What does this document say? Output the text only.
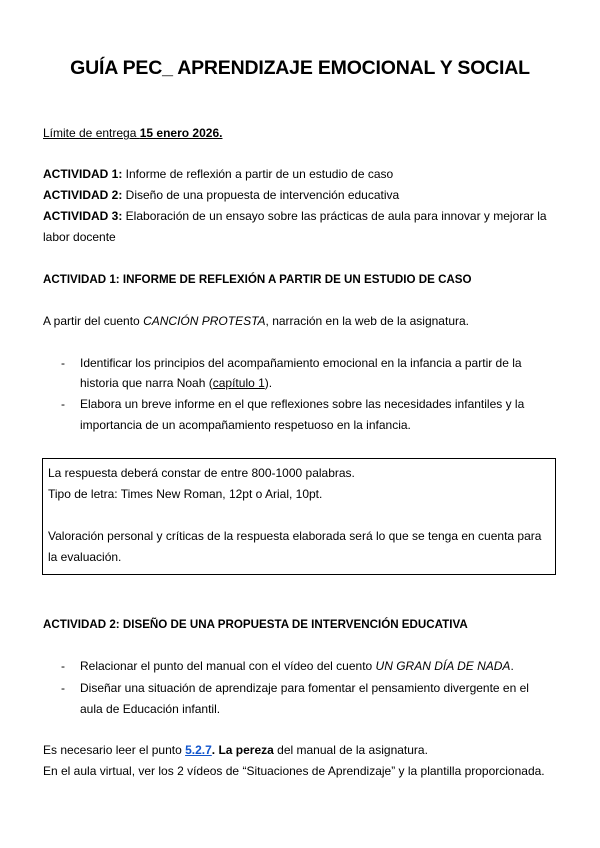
GUÍA PEC_ APRENDIZAJE EMOCIONAL Y SOCIAL
Límite de entrega 15 enero 2026.
ACTIVIDAD 1: Informe de reflexión a partir de un estudio de caso
ACTIVIDAD 2: Diseño de una propuesta de intervención educativa
ACTIVIDAD 3: Elaboración de un ensayo sobre las prácticas de aula para innovar y mejorar la
labor docente
ACTIVIDAD 1: INFORME DE REFLEXIÓN A PARTIR DE UN ESTUDIO DE CASO
A partir del cuento CANCIÓN PROTESTA, narración en la web de la asignatura.
- Identificar los principios del acompañamiento emocional en la infancia a partir de la
historia que narra Noah (capítulo 1).
- Elabora un breve informe en el que reflexiones sobre las necesidades infantiles y la
importancia de un acompañamiento respetuoso en la infancia.
La respuesta deberá constar de entre 800-1000 palabras.
Tipo de letra: Times New Roman, 12pt o Arial, 10pt.
Valoración personal y críticas de la respuesta elaborada será lo que se tenga en cuenta para
la evaluación.
ACTIVIDAD 2: DISEÑO DE UNA PROPUESTA DE INTERVENCIÓN EDUCATIVA
- Relacionar el punto del manual con el vídeo del cuento UN GRAN DÍA DE NADA.
- Diseñar una situación de aprendizaje para fomentar el pensamiento divergente en el
aula de Educación infantil.
Es necesario leer el punto 5.2.7. La pereza del manual de la asignatura.
En el aula virtual, ver los 2 vídeos de “Situaciones de Aprendizaje” y la plantilla proporcionada.
